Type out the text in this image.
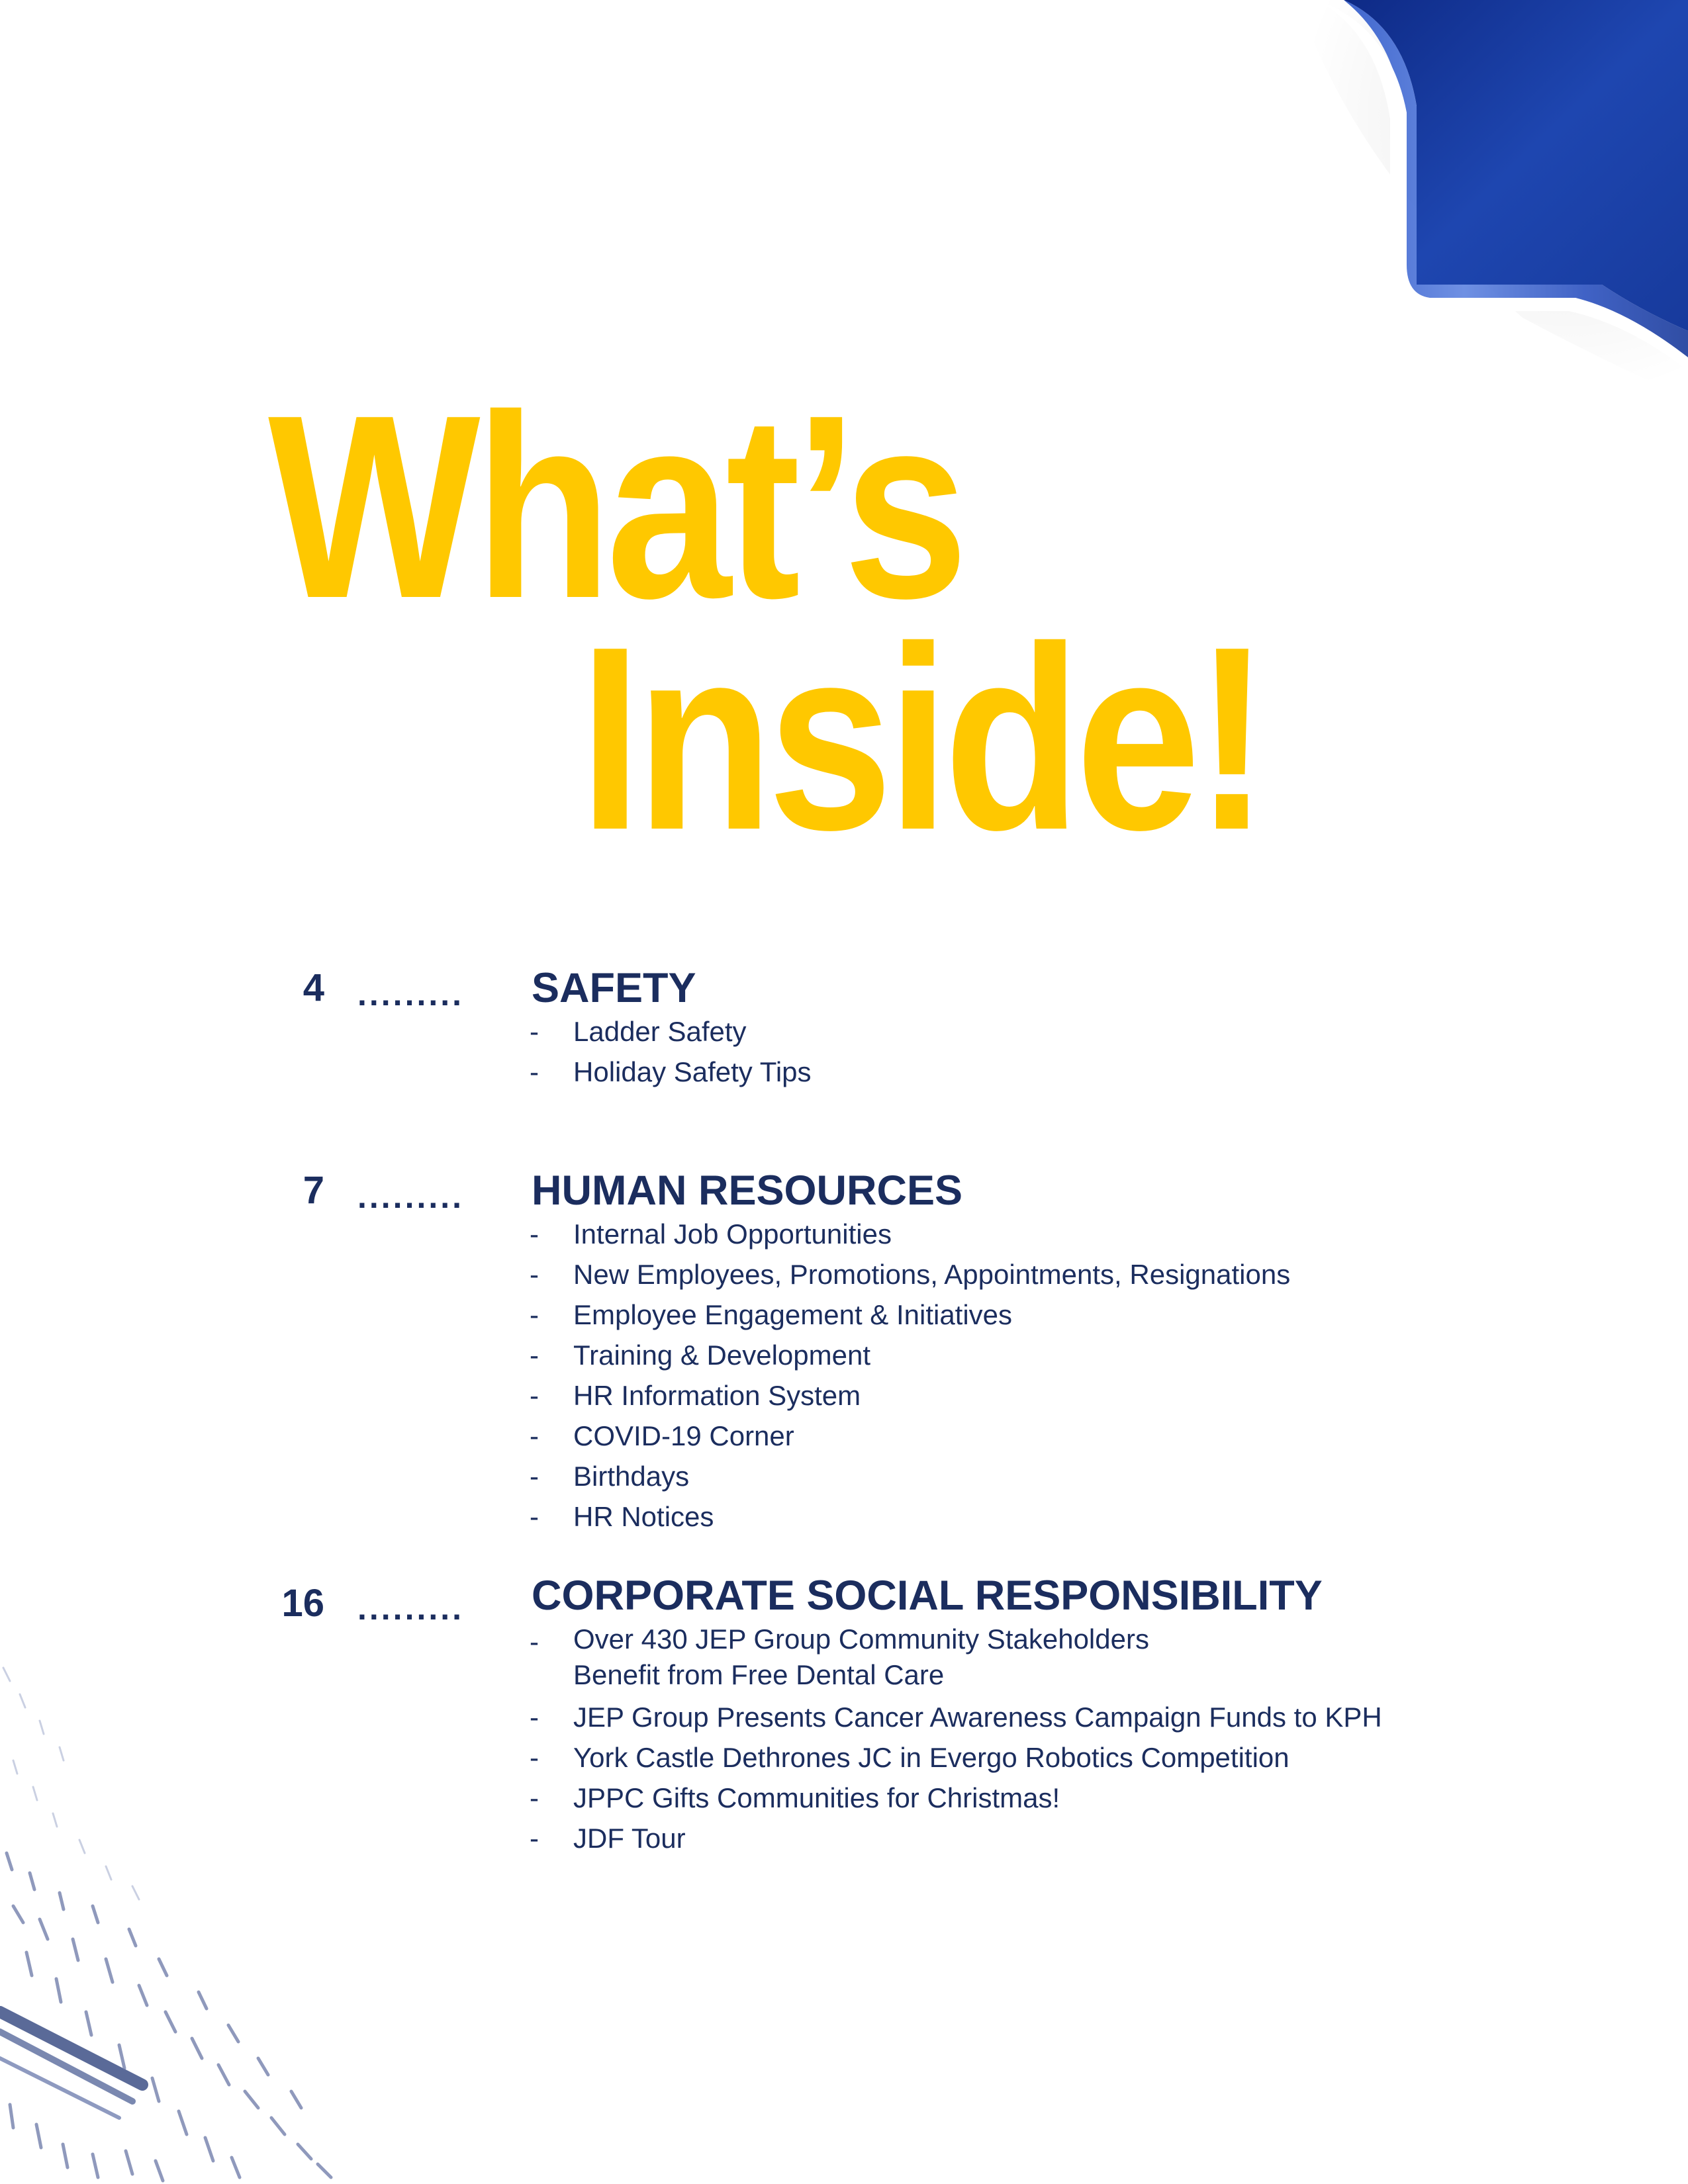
What’s
Inside!
4 ......... SAFETY
- Ladder Safety
- Holiday Safety Tips
7 ......... HUMAN RESOURCES
- Internal Job Opportunities
- New Employees, Promotions, Appointments, Resignations
- Employee Engagement & Initiatives
- Training & Development
- HR Information System
- COVID-19 Corner
- Birthdays
- HR Notices
16 ......... CORPORATE SOCIAL RESPONSIBILITY
- Over 430 JEP Group Community Stakeholders
Benefit from Free Dental Care
- JEP Group Presents Cancer Awareness Campaign Funds to KPH
- York Castle Dethrones JC in Evergo Robotics Competition
- JPPC Gifts Communities for Christmas!
- JDF Tour
